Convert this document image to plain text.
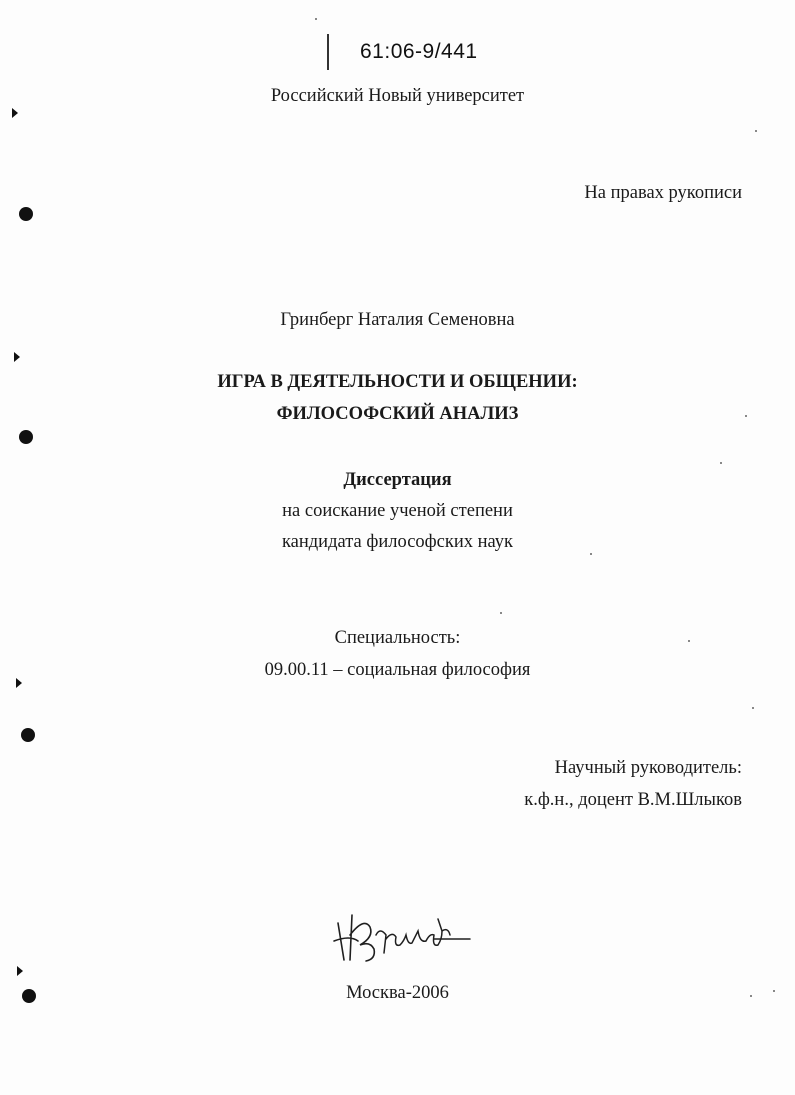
61:06-9/441
Российский Новый университет
На правах рукописи
Гринберг Наталия Семеновна
ИГРА В ДЕЯТЕЛЬНОСТИ И ОБЩЕНИИ:
ФИЛОСОФСКИЙ АНАЛИЗ
Диссертация
на соискание ученой степени
кандидата философских наук
Специальность:
09.00.11 – социальная философия
Научный руководитель:
к.ф.н., доцент В.М.Шлыков
Москва-2006
